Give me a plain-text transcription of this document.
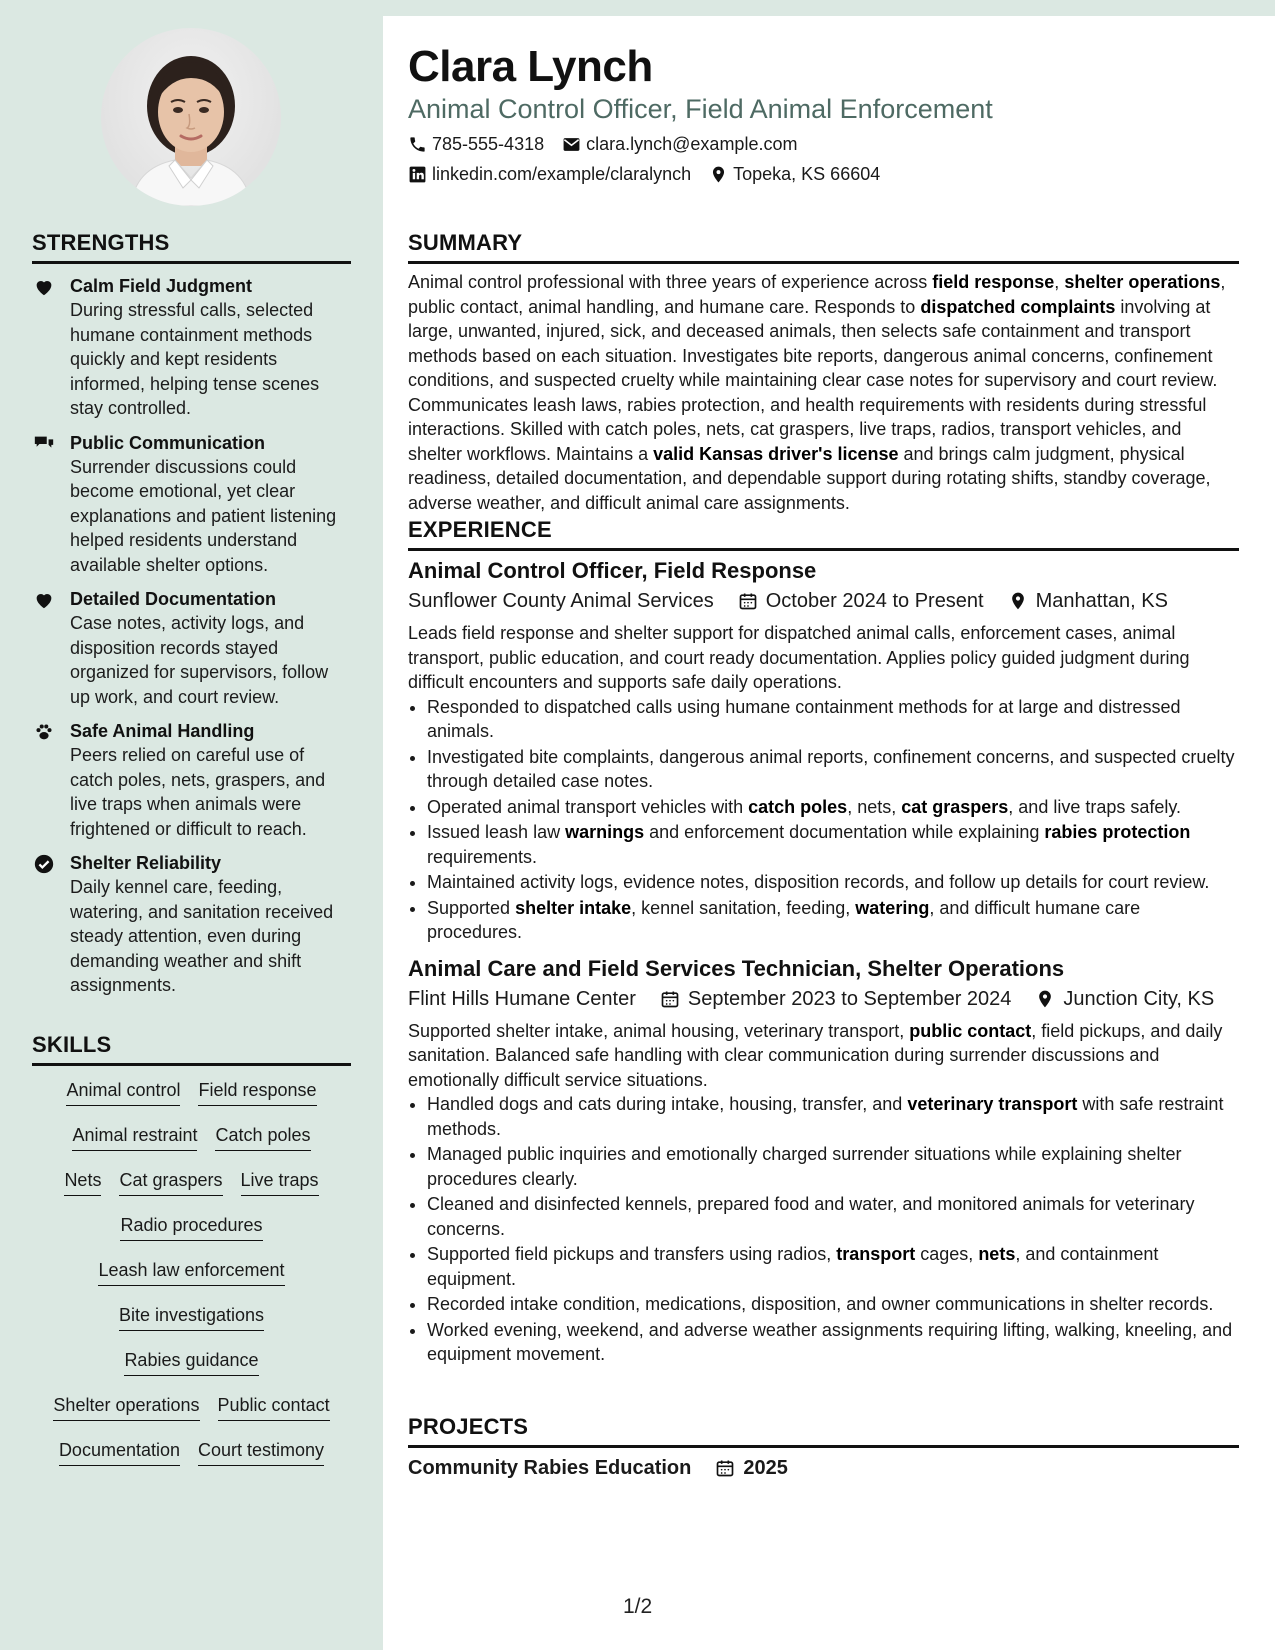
STRENGTHS
Calm Field Judgment
During stressful calls, selected humane containment methods quickly and kept residents informed, helping tense scenes stay controlled.
Public Communication
Surrender discussions could become emotional, yet clear explanations and patient listening helped residents understand available shelter options.
Detailed Documentation
Case notes, activity logs, and disposition records stayed organized for supervisors, follow up work, and court review.
Safe Animal Handling
Peers relied on careful use of catch poles, nets, graspers, and live traps when animals were frightened or difficult to reach.
Shelter Reliability
Daily kennel care, feeding, watering, and sanitation received steady attention, even during demanding weather and shift assignments.
SKILLS
Animal control Field response
Animal restraint Catch poles
Nets Cat graspers Live traps
Radio procedures
Leash law enforcement
Bite investigations
Rabies guidance
Shelter operations Public contact
Documentation Court testimony
Clara Lynch
Animal Control Officer, Field Animal Enforcement
785-555-4318 clara.lynch@example.com
linkedin.com/example/claralynch Topeka, KS 66604
SUMMARY

Animal control professional with three years of experience across field response, shelter operations, public contact, animal handling, and humane care. Responds to dispatched complaints involving at large, unwanted, injured, sick, and deceased animals, then selects safe containment and transport methods based on each situation. Investigates bite reports, dangerous animal concerns, confinement conditions, and suspected cruelty while maintaining clear case notes for supervisory and court review. Communicates leash laws, rabies protection, and health requirements with residents during stressful interactions. Skilled with catch poles, nets, cat graspers, live traps, radios, transport vehicles, and shelter workflows. Maintains a valid Kansas driver's license and brings calm judgment, physical readiness, detailed documentation, and dependable support during rotating shifts, standby coverage, adverse weather, and difficult animal care assignments.

EXPERIENCE
Animal Control Officer, Field Response
Sunflower County Animal Services	October 2024 to Present	Manhattan, KS

Leads field response and shelter support for dispatched animal calls, enforcement cases, animal transport, public education, and court ready documentation. Applies policy guided judgment during difficult encounters and supports safe daily operations.

• Responded to dispatched calls using humane containment methods for at large and distressed animals.
• Investigated bite complaints, dangerous animal reports, confinement concerns, and suspected cruelty through detailed case notes.
• Operated animal transport vehicles with catch poles, nets, cat graspers, and live traps safely.
• Issued leash law warnings and enforcement documentation while explaining rabies protection requirements.
• Maintained activity logs, evidence notes, disposition records, and follow up details for court review.
• Supported shelter intake, kennel sanitation, feeding, watering, and difficult humane care procedures.
Animal Care and Field Services Technician, Shelter Operations
Flint Hills Humane Center	September 2023 to September 2024	Junction City, KS

Supported shelter intake, animal housing, veterinary transport, public contact, field pickups, and daily sanitation. Balanced safe handling with clear communication during surrender discussions and emotionally difficult service situations.

• Handled dogs and cats during intake, housing, transfer, and veterinary transport with safe restraint methods.
• Managed public inquiries and emotionally charged surrender situations while explaining shelter procedures clearly.
• Cleaned and disinfected kennels, prepared food and water, and monitored animals for veterinary concerns.
• Supported field pickups and transfers using radios, transport cages, nets, and containment equipment.
• Recorded intake condition, medications, disposition, and owner communications in shelter records.
• Worked evening, weekend, and adverse weather assignments requiring lifting, walking, kneeling, and equipment movement.
PROJECTS
Community Rabies Education	2025
1/2
